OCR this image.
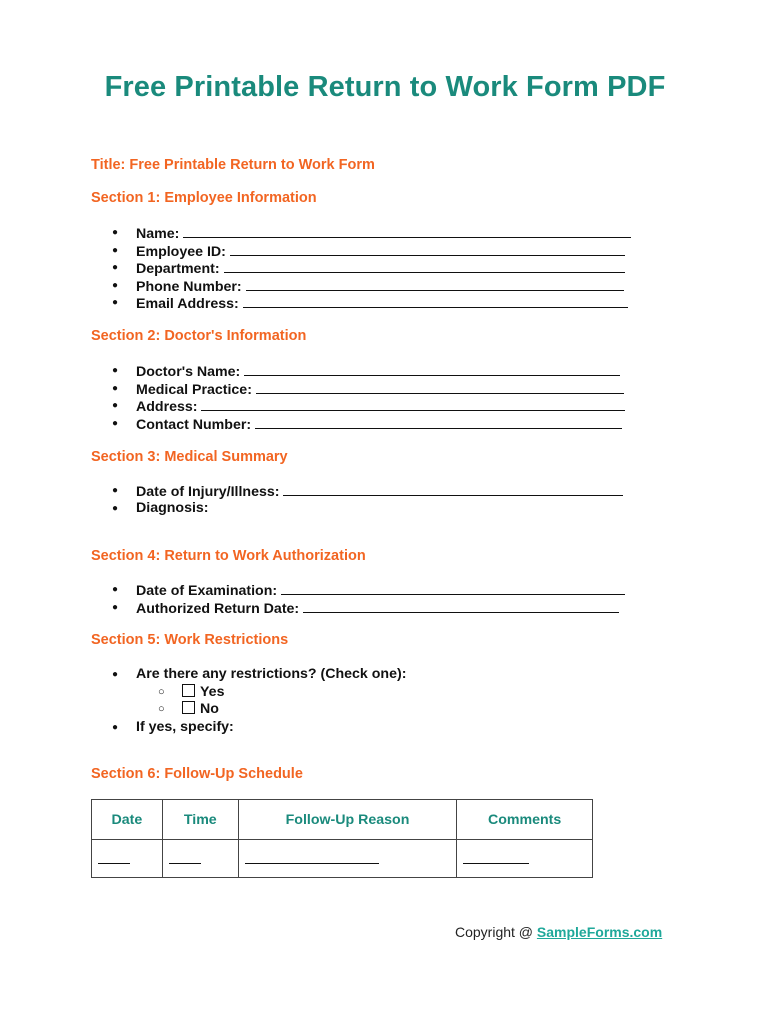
Free Printable Return to Work Form PDF
Title: Free Printable Return to Work Form
Section 1: Employee Information
● Name:
● Employee ID:
● Department:
● Phone Number:
● Email Address:
Section 2: Doctor's Information
● Doctor's Name:
● Medical Practice:
● Address:
● Contact Number:
Section 3: Medical Summary
● Date of Injury/Illness:
● Diagnosis:
Section 4: Return to Work Authorization
● Date of Examination:
● Authorized Return Date:
Section 5: Work Restrictions
● Are there any restrictions? (Check one):
○ Yes
○ No
● If yes, specify:
Section 6: Follow-Up Schedule
Date	Time	Follow-Up Reason	Comments

Copyright @ SampleForms.com
